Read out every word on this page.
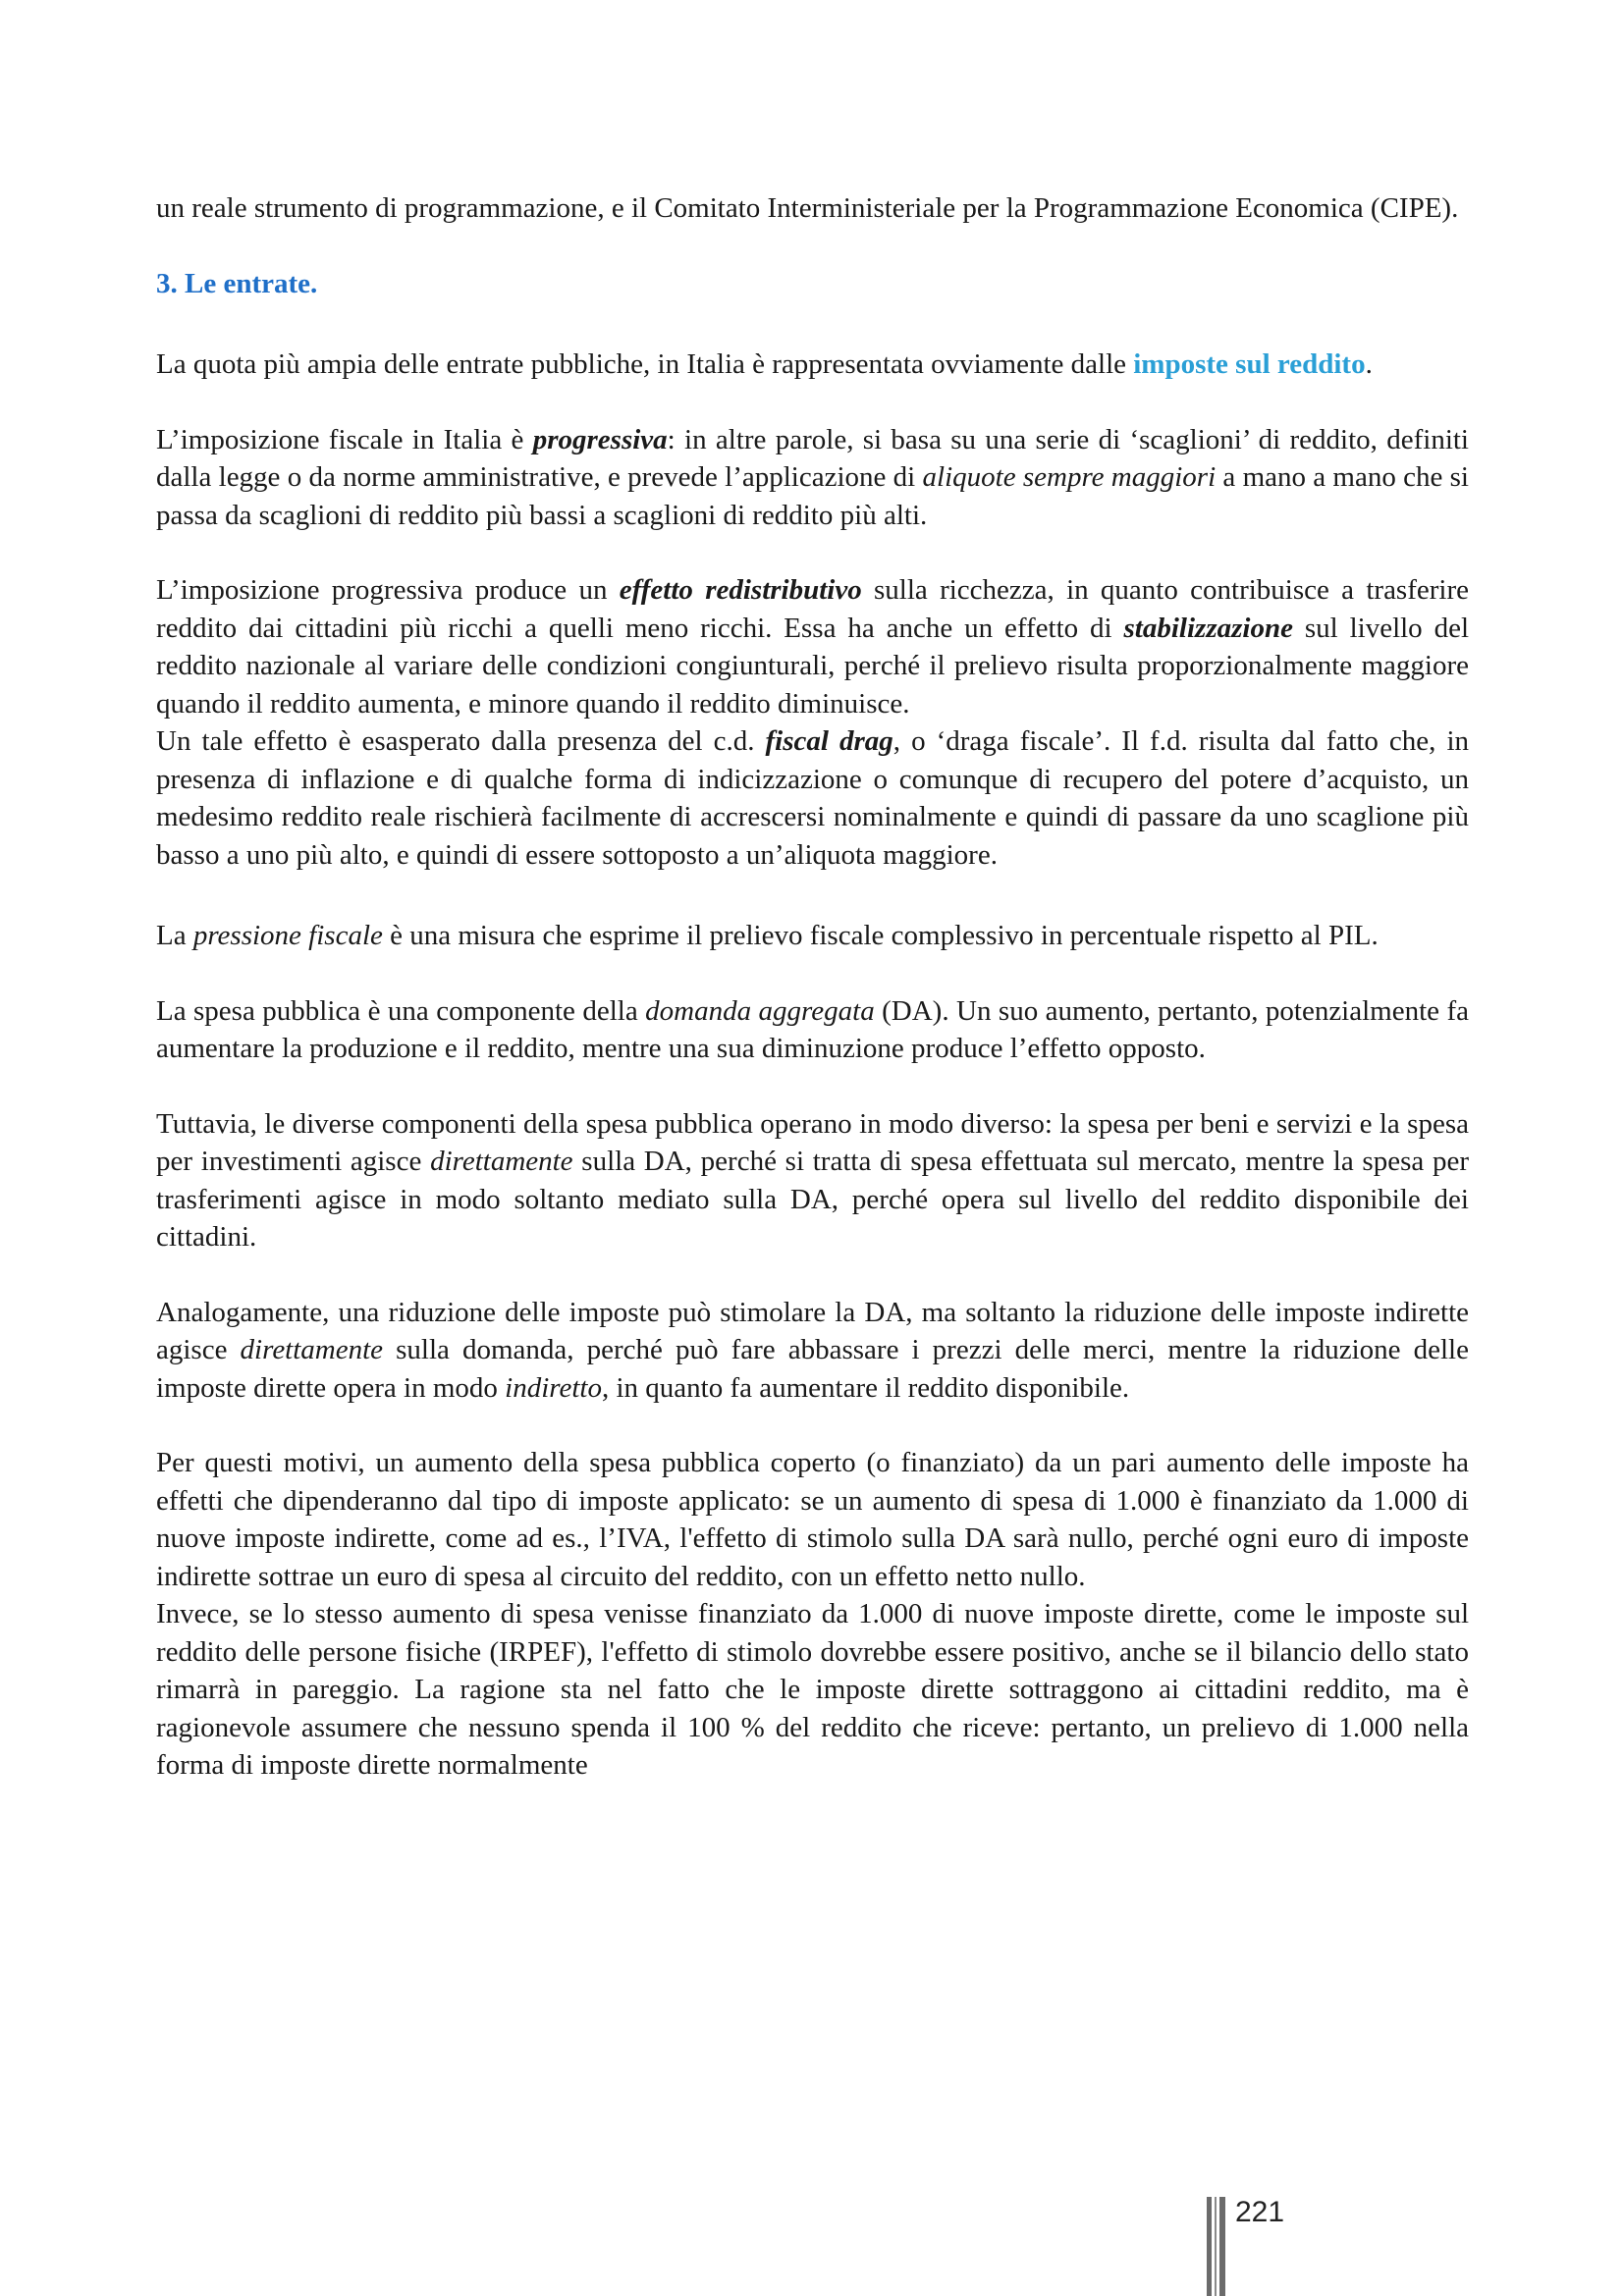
un reale strumento di programmazione, e il Comitato Interministeriale per la Programmazione Economica (CIPE).

3. Le entrate.

La quota più ampia delle entrate pubbliche, in Italia è rappresentata ovviamente dalle imposte sul reddito.

L’imposizione fiscale in Italia è progressiva: in altre parole, si basa su una serie di ‘scaglioni’ di reddito, definiti dalla legge o da norme amministrative, e prevede l’applicazione di aliquote sempre maggiori a mano a mano che si passa da scaglioni di reddito più bassi a scaglioni di reddito più alti.

L’imposizione progressiva produce un effetto redistributivo sulla ricchezza, in quanto contribuisce a trasferire reddito dai cittadini più ricchi a quelli meno ricchi. Essa ha anche un effetto di stabilizzazione sul livello del reddito nazionale al variare delle condizioni congiunturali, perché il prelievo risulta proporzionalmente maggiore quando il reddito aumenta, e minore quando il reddito diminuisce.

Un tale effetto è esasperato dalla presenza del c.d. fiscal drag, o ‘draga fiscale’. Il f.d. risulta dal fatto che, in presenza di inflazione e di qualche forma di indicizzazione o comunque di recupero del potere d’acquisto, un medesimo reddito reale rischierà facilmente di accrescersi nominalmente e quindi di passare da uno scaglione più basso a uno più alto, e quindi di essere sottoposto a un’aliquota maggiore.

La pressione fiscale è una misura che esprime il prelievo fiscale complessivo in percentuale rispetto al PIL.

La spesa pubblica è una componente della domanda aggregata (DA). Un suo aumento, pertanto, potenzialmente fa aumentare la produzione e il reddito, mentre una sua diminuzione produce l’effetto opposto.

Tuttavia, le diverse componenti della spesa pubblica operano in modo diverso: la spesa per beni e servizi e la spesa per investimenti agisce direttamente sulla DA, perché si tratta di spesa effettuata sul mercato, mentre la spesa per trasferimenti agisce in modo soltanto mediato sulla DA, perché opera sul livello del reddito disponibile dei cittadini.

Analogamente, una riduzione delle imposte può stimolare la DA, ma soltanto la riduzione delle imposte indirette agisce direttamente sulla domanda, perché può fare abbassare i prezzi delle merci, mentre la riduzione delle imposte dirette opera in modo indiretto, in quanto fa aumentare il reddito disponibile.

Per questi motivi, un aumento della spesa pubblica coperto (o finanziato) da un pari aumento delle imposte ha effetti che dipenderanno dal tipo di imposte applicato: se un aumento di spesa di 1.000 è finanziato da 1.000 di nuove imposte indirette, come ad es., l’IVA, l'effetto di stimolo sulla DA sarà nullo, perché ogni euro di imposte indirette sottrae un euro di spesa al circuito del reddito, con un effetto netto nullo.

Invece, se lo stesso aumento di spesa venisse finanziato da 1.000 di nuove imposte dirette, come le imposte sul reddito delle persone fisiche (IRPEF), l'effetto di stimolo dovrebbe essere positivo, anche se il bilancio dello stato rimarrà in pareggio. La ragione sta nel fatto che le imposte dirette sottraggono ai cittadini reddito, ma è ragionevole assumere che nessuno spenda il 100 % del reddito che riceve: pertanto, un prelievo di 1.000 nella forma di imposte dirette normalmente

221
